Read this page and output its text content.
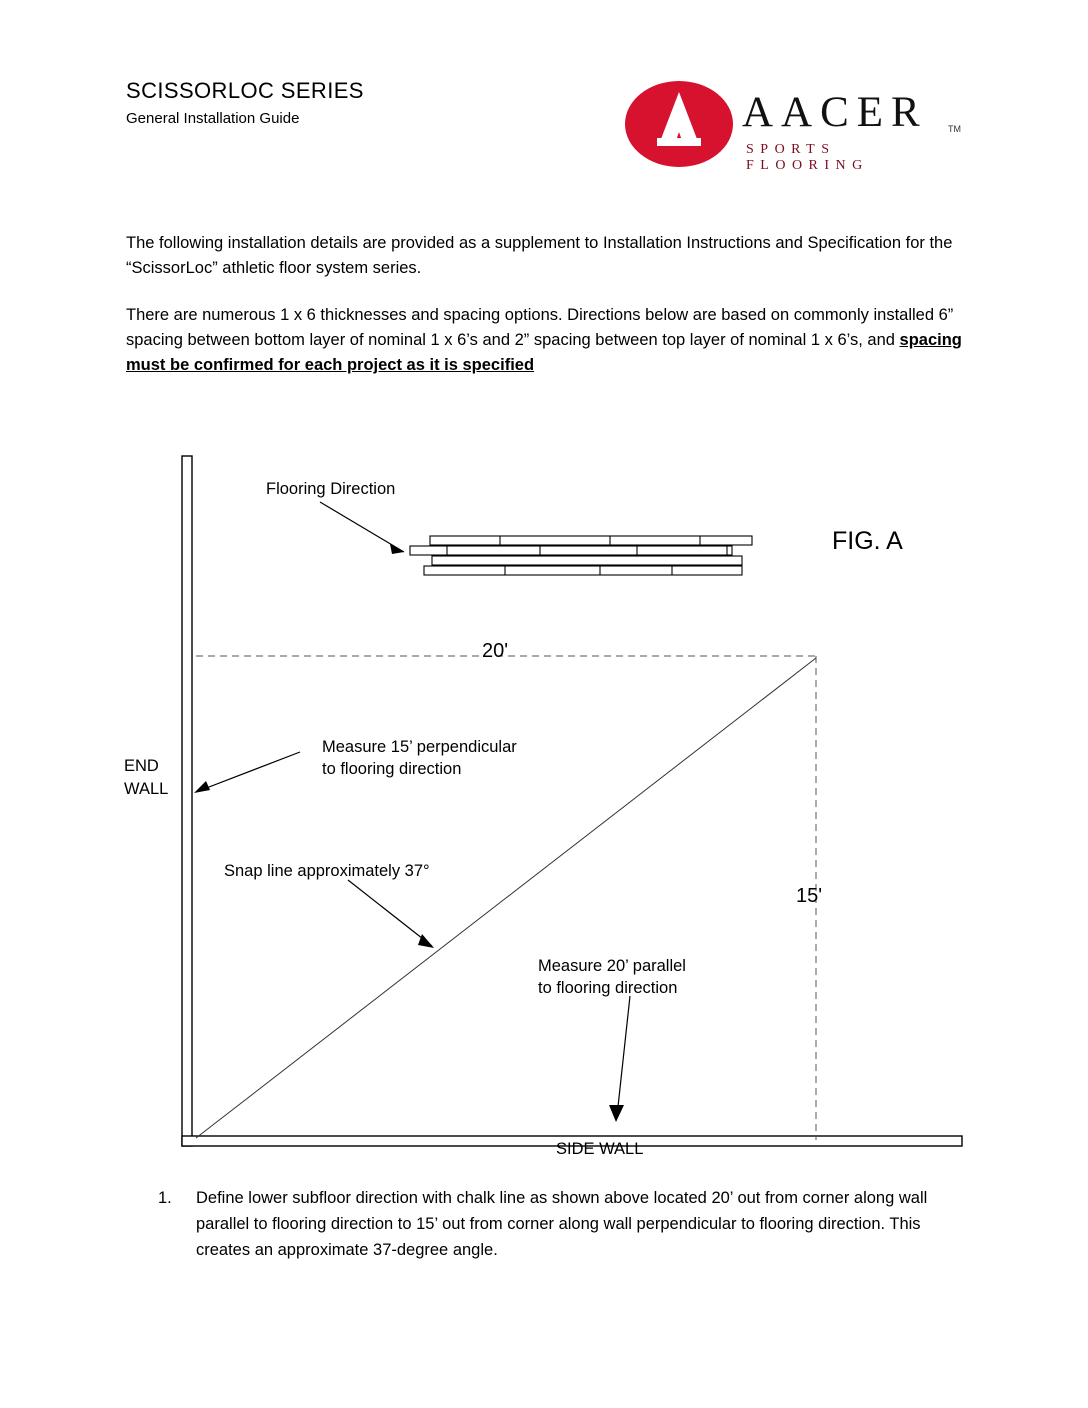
SCISSORLOC SERIES

General Installation Guide	AACER TM
SPORTS FLOORING
The following installation details are provided as a supplement to Installation Instructions and Specification for the “ScissorLoc” athletic floor system series.
There are numerous 1 x 6 thicknesses and spacing options. Directions below are based on commonly installed 6” spacing between bottom layer of nominal 1 x 6’s and 2” spacing between top layer of nominal 1 x 6’s, and spacing must be confirmed for each project as it is specified
Flooring Direction
FIG. A
20'
15'
END
WALL
Measure 15’ perpendicular
to flooring direction
Snap line approximately 37°
Measure 20’ parallel
to flooring direction
SIDE WALL
1.	Define lower subfloor direction with chalk line as shown above located 20’ out from corner along wall parallel to flooring direction to 15’ out from corner along wall perpendicular to flooring direction. This creates an approximate 37-degree angle.
